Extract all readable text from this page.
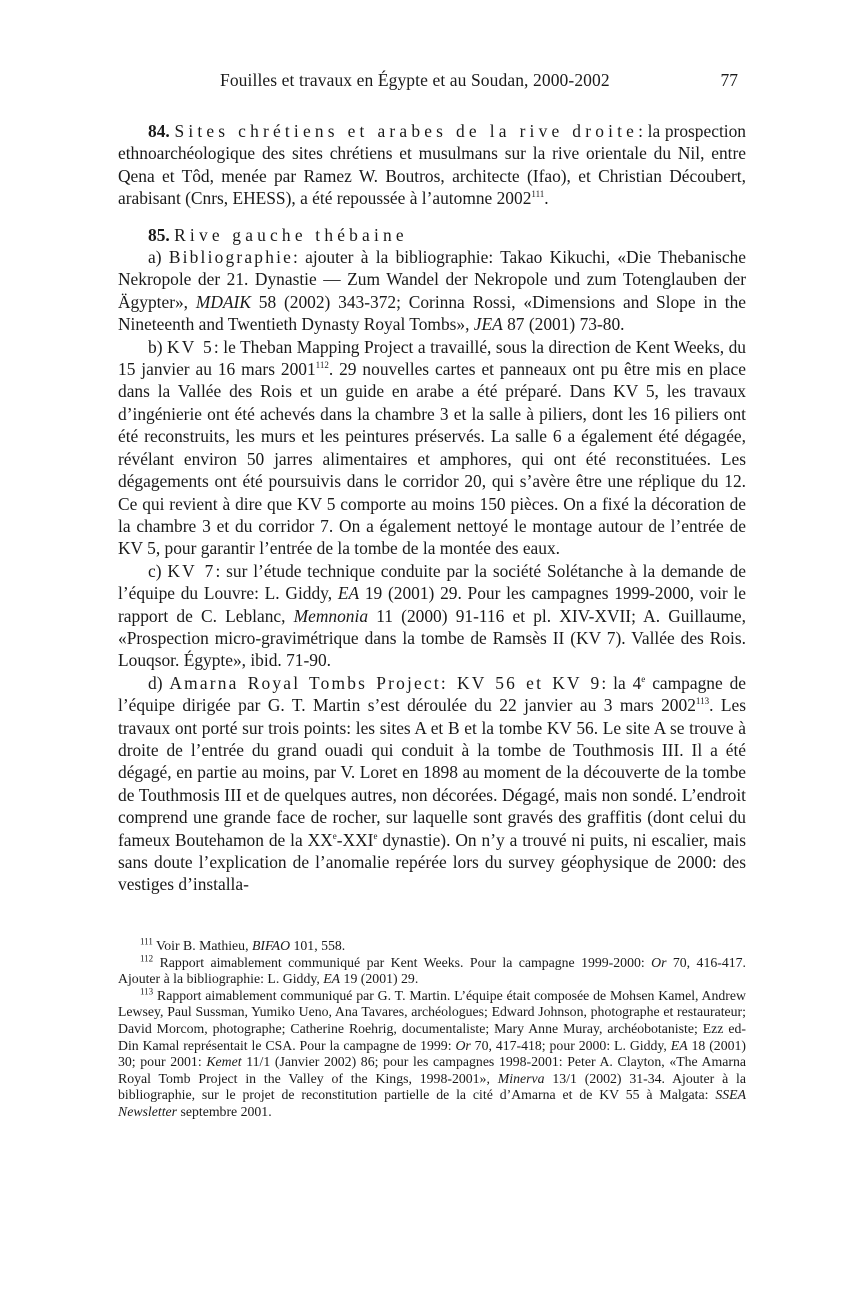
Fouilles et travaux en Égypte et au Soudan, 2000-2002	77

84. Sites chrétiens et arabes de la rive droite: la prospection ethnoarchéologique des sites chrétiens et musulmans sur la rive orientale du Nil, entre Qena et Tôd, menée par Ramez W. Boutros, architecte (Ifao), et Christian Découbert, arabisant (Cnrs, EHESS), a été repoussée à l’automne 2002$^{111}$.

85. Rive gauche thébaine

a) Bibliographie: ajouter à la bibliographie: Takao Kikuchi, «Die Thebanische Nekropole der 21. Dynastie — Zum Wandel der Nekropole und zum Totenglauben der Ägypter», MDAIK 58 (2002) 343-372; Corinna Rossi, «Dimensions and Slope in the Nineteenth and Twentieth Dynasty Royal Tombs», JEA 87 (2001) 73-80.

b) KV 5: le Theban Mapping Project a travaillé, sous la direction de Kent Weeks, du 15 janvier au 16 mars 2001$^{112}$. 29 nouvelles cartes et panneaux ont pu être mis en place dans la Vallée des Rois et un guide en arabe a été préparé. Dans KV 5, les travaux d’ingénierie ont été achevés dans la chambre 3 et la salle à piliers, dont les 16 piliers ont été reconstruits, les murs et les peintures préservés. La salle 6 a également été dégagée, révélant environ 50 jarres alimentaires et amphores, qui ont été reconstituées. Les dégagements ont été poursuivis dans le corridor 20, qui s’avère être une réplique du 12. Ce qui revient à dire que KV 5 comporte au moins 150 pièces. On a fixé la décoration de la chambre 3 et du corridor 7. On a également nettoyé le montage autour de l’entrée de KV 5, pour garantir l’entrée de la tombe de la montée des eaux.

c) KV 7: sur l’étude technique conduite par la société Solétanche à la demande de l’équipe du Louvre: L. Giddy, EA 19 (2001) 29. Pour les campagnes 1999-2000, voir le rapport de C. Leblanc, Memnonia 11 (2000) 91-116 et pl. XIV-XVII; A. Guillaume, «Prospection micro-gravimétrique dans la tombe de Ramsès II (KV 7). Vallée des Rois. Louqsor. Égypte», ibid. 71-90.

d) Amarna Royal Tombs Project: KV 56 et KV 9: la 4e campagne de l’équipe dirigée par G. T. Martin s’est déroulée du 22 janvier au 3 mars 2002$^{113}$. Les travaux ont porté sur trois points: les sites A et B et la tombe KV 56. Le site A se trouve à droite de l’entrée du grand ouadi qui conduit à la tombe de Touthmosis III. Il a été dégagé, en partie au moins, par V. Loret en 1898 au moment de la découverte de la tombe de Touthmosis III et de quelques autres, non décorées. Dégagé, mais non sondé. L’endroit comprend une grande face de rocher, sur laquelle sont gravés des graffitis (dont celui du fameux Boutehamon de la XXe-XXIe dynastie). On n’y a trouvé ni puits, ni escalier, mais sans doute l’explication de l’anomalie repérée lors du survey géophysique de 2000: des vestiges d’installa-

$^{111}$ Voir B. Mathieu, BIFAO 101, 558.

$^{112}$ Rapport aimablement communiqué par Kent Weeks. Pour la campagne 1999-2000: Or 70, 416-417. Ajouter à la bibliographie: L. Giddy, EA 19 (2001) 29.

$^{113}$ Rapport aimablement communiqué par G. T. Martin. L’équipe était composée de Mohsen Kamel, Andrew Lewsey, Paul Sussman, Yumiko Ueno, Ana Tavares, archéologues; Edward Johnson, photographe et restaurateur; David Morcom, photographe; Catherine Roehrig, documentaliste; Mary Anne Muray, archéobotaniste; Ezz ed-Din Kamal représentait le CSA. Pour la campagne de 1999: Or 70, 417-418; pour 2000: L. Giddy, EA 18 (2001) 30; pour 2001: Kemet 11/1 (Janvier 2002) 86; pour les campagnes 1998-2001: Peter A. Clayton, «The Amarna Royal Tomb Project in the Valley of the Kings, 1998-2001», Minerva 13/1 (2002) 31-34. Ajouter à la bibliographie, sur le projet de reconstitution partielle de la cité d’Amarna et de KV 55 à Malgata: SSEA Newsletter septembre 2001.
